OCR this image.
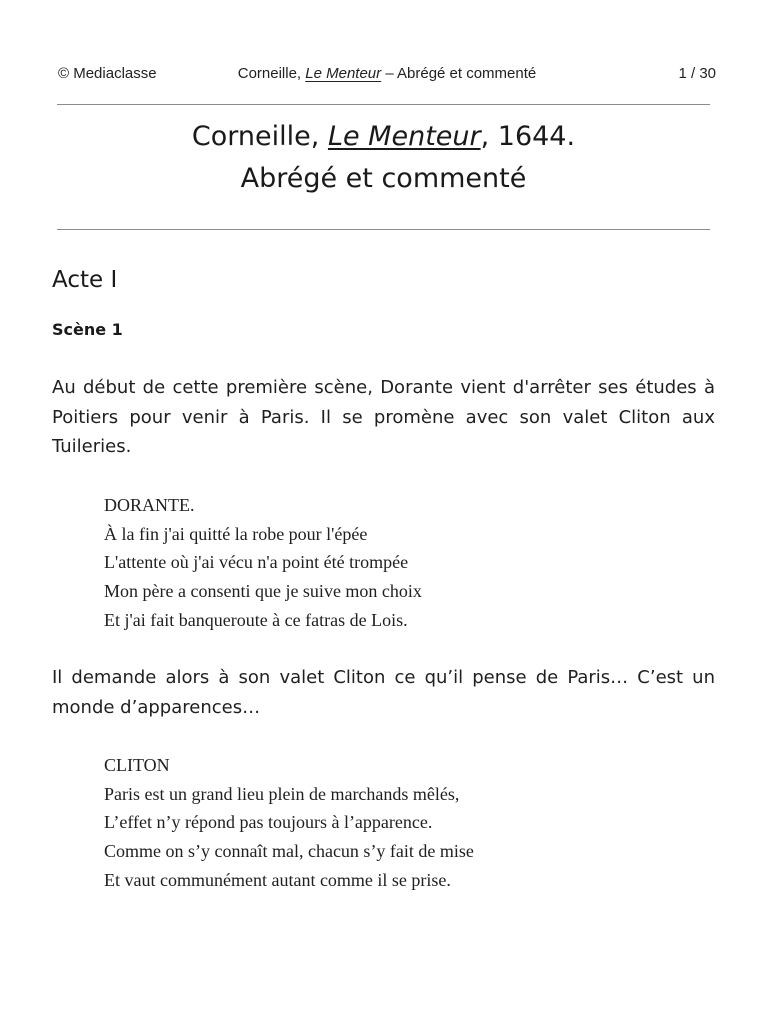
© Mediaclasse	Corneille, Le Menteur – Abrégé et commenté	1 / 30
Corneille, Le Menteur, 1644.
Abrégé et commenté
Acte I
Scène 1

Au début de cette première scène, Dorante vient d'arrêter ses études à Poitiers pour venir à Paris. Il se promène avec son valet Cliton aux Tuileries.

DORANTE.
À la fin j'ai quitté la robe pour l'épée
L'attente où j'ai vécu n'a point été trompée
Mon père a consenti que je suive mon choix
Et j'ai fait banqueroute à ce fatras de Lois.

Il demande alors à son valet Cliton ce qu’il pense de Paris… C’est un monde d’apparences…

CLITON
Paris est un grand lieu plein de marchands mêlés,
L’effet n’y répond pas toujours à l’apparence.
Comme on s’y connaît mal, chacun s’y fait de mise
Et vaut communément autant comme il se prise.
